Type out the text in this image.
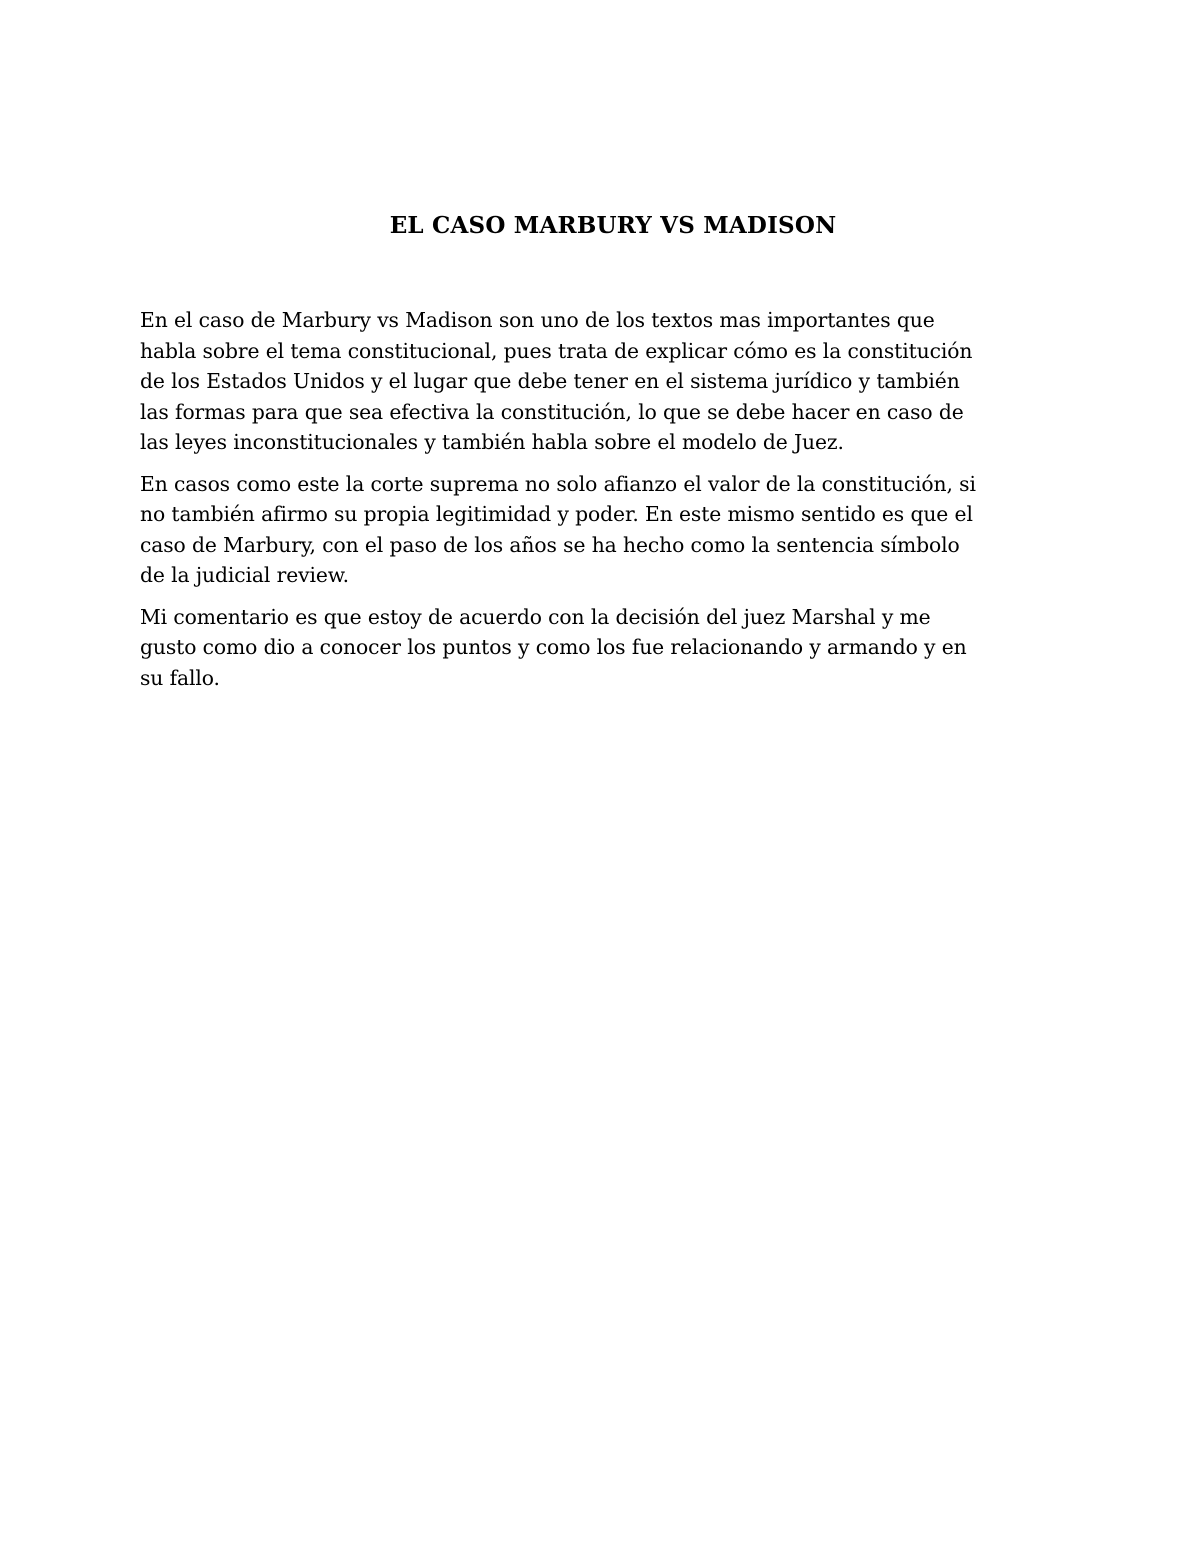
EL CASO MARBURY VS MADISON

En el caso de Marbury vs Madison son uno de los textos mas importantes que
habla sobre el tema constitucional, pues trata de explicar cómo es la constitución
de los Estados Unidos y el lugar que debe tener en el sistema jurídico y también
las formas para que sea efectiva la constitución, lo que se debe hacer en caso de
las leyes inconstitucionales y también habla sobre el modelo de Juez.

En casos como este la corte suprema no solo afianzo el valor de la constitución, si
no también afirmo su propia legitimidad y poder. En este mismo sentido es que el
caso de Marbury, con el paso de los años se ha hecho como la sentencia símbolo
de la judicial review.

Mi comentario es que estoy de acuerdo con la decisión del juez Marshal y me
gusto como dio a conocer los puntos y como los fue relacionando y armando y en
su fallo.
